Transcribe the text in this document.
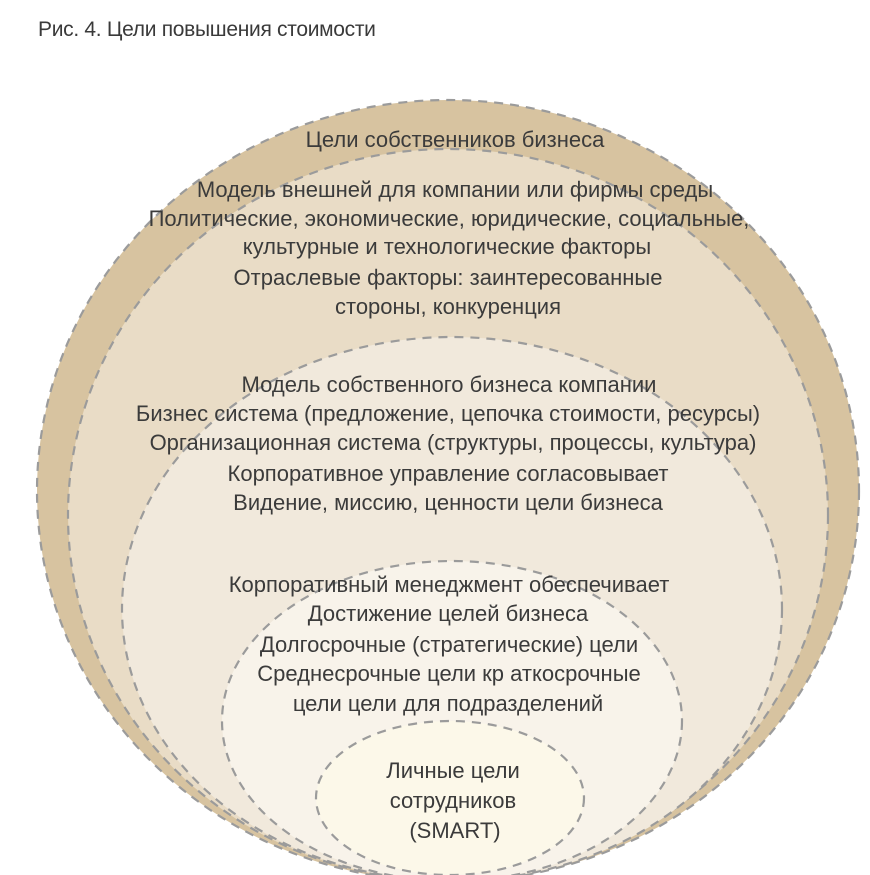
Рис. 4. Цели повышения стоимости
Цели собственников бизнеса
Модель внешней для компании или фирмы среды
Политические, экономические, юридические, социальные,
культурные и технологические факторы
Отраслевые факторы: заинтересованные
стороны, конкуренция
Модель собственного бизнеса компании
Бизнес система (предложение, цепочка стоимости, ресурсы)
Организационная система (структуры, процессы, культура)
Корпоративное управление согласовывает
Видение, миссию, ценности цели бизнеса
Корпоративный менеджмент обеспечивает
Достижение целей бизнеса
Долгосрочные (стратегические) цели
Среднесрочные цели кр аткосрочные
цели цели для подразделений
Личные цели
сотрудников
(SMART)
